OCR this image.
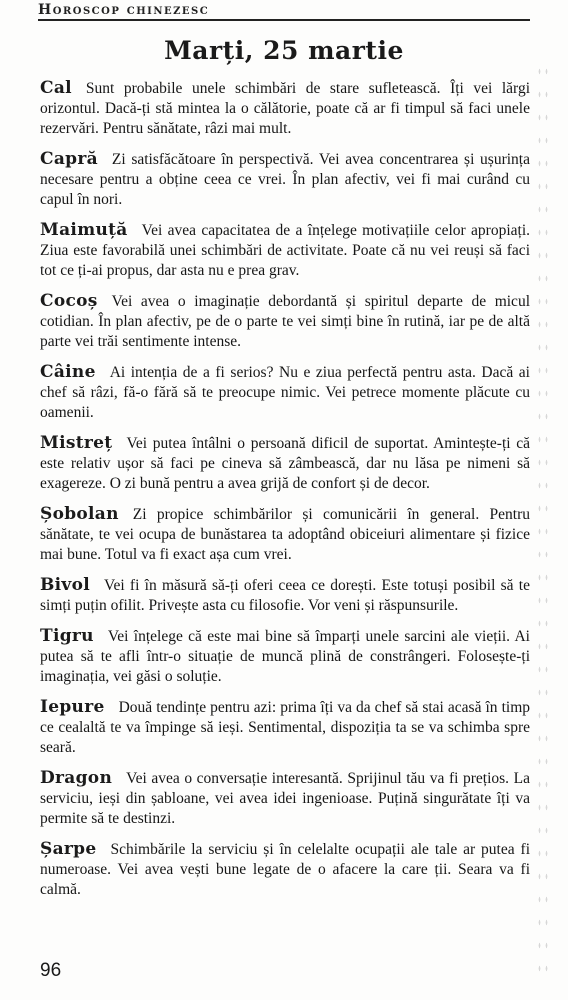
Horoscop chinezesc
Marți, 25 martie

Cal Sunt probabile unele schimbări de stare sufletească. Îți vei lărgi orizontul. Dacă-ți stă mintea la o călătorie, poate că ar fi timpul să faci unele rezervări. Pentru sănătate, râzi mai mult.

Capră Zi satisfăcătoare în perspectivă. Vei avea concentrarea și ușurința necesare pentru a obține ceea ce vrei. În plan afectiv, vei fi mai curând cu capul în nori.

Maimuță Vei avea capacitatea de a înțelege motivațiile celor apropiați. Ziua este favorabilă unei schimbări de activitate. Poate că nu vei reuși să faci tot ce ți-ai propus, dar asta nu e prea grav.

Cocoș Vei avea o imaginație debordantă și spiritul departe de micul cotidian. În plan afectiv, pe de o parte te vei simți bine în rutină, iar pe de altă parte vei trăi sentimente intense.

Câine Ai intenția de a fi serios? Nu e ziua perfectă pentru asta. Dacă ai chef să râzi, fă-o fără să te preocupe nimic. Vei petrece momente plăcute cu oamenii.

Mistreț Vei putea întâlni o persoană dificil de suportat. Amintește-ți că este relativ ușor să faci pe cineva să zâmbească, dar nu lăsa pe nimeni să exagereze. O zi bună pentru a avea grijă de confort și de decor.

Șobolan Zi propice schimbărilor și comunicării în general. Pentru sănătate, te vei ocupa de bunăstarea ta adoptând obiceiuri alimentare și fizice mai bune. Totul va fi exact așa cum vrei.

Bivol Vei fi în măsură să-ți oferi ceea ce dorești. Este totuși posibil să te simți puțin ofilit. Privește asta cu filosofie. Vor veni și răspunsurile.

Tigru Vei înțelege că este mai bine să împarți unele sarcini ale vieții. Ai putea să te afli într-o situație de muncă plină de constrângeri. Folosește-ți imaginația, vei găsi o soluție.

Iepure Două tendințe pentru azi: prima îți va da chef să stai acasă în timp ce cealaltă te va împinge să ieși. Sentimental, dispoziția ta se va schimba spre seară.

Dragon Vei avea o conversație interesantă. Sprijinul tău va fi prețios. La serviciu, ieși din șabloane, vei avea idei ingenioase. Puțină singurătate îți va permite să te destinzi.

Șarpe Schimbările la serviciu și în celelalte ocupații ale tale ar putea fi numeroase. Vei avea vești bune legate de o afacere la care ții. Seara va fi calmă.

96
